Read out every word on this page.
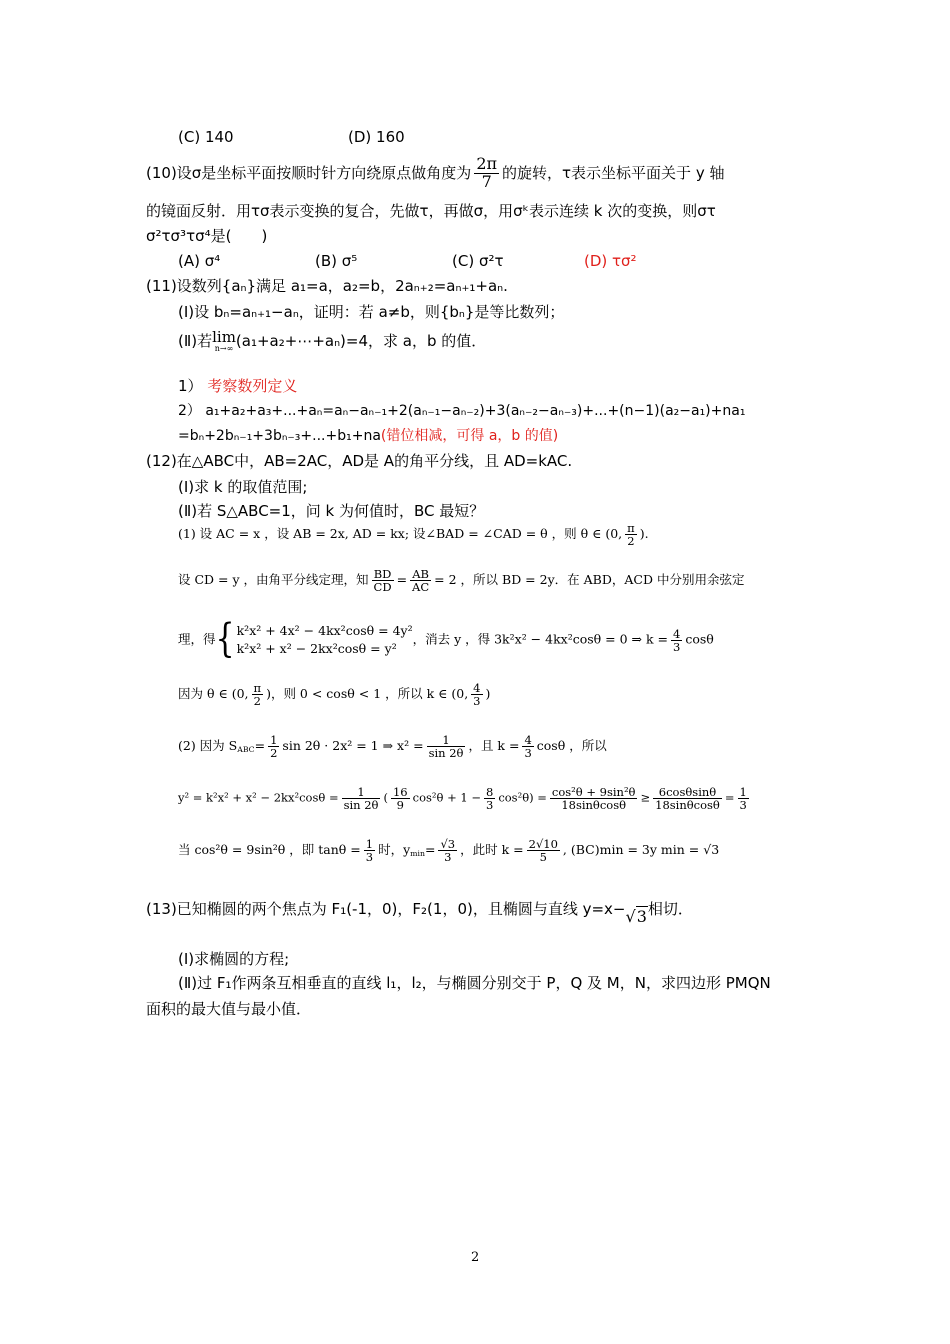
(C) 140	(D) 160
(10)设σ是坐标平面按顺时针方向绕原点做角度为 $\frac{2\pi}{7}$ 的旋转，τ表示坐标平面关于 y 轴
的镜面反射．用τσ表示变换的复合，先做τ，再做σ，用σᵏ表示连续 k 次的变换，则στ
σ²τσ³τσ⁴是(　　)
(A) σ⁴	(B) σ⁵	(C) σ²τ	(D) τσ²
(11)设数列{aₙ}满足 a₁=a，a₂=b，2aₙ₊₂=aₙ₊₁+aₙ.
(Ⅰ)设 bₙ=aₙ₊₁−aₙ，证明：若 a≠b，则{bₙ}是等比数列；
(Ⅱ)若 lim
n→∞ (a₁+a₂+⋯+aₙ)=4，求 a，b 的值．
1） 考察数列定义
2） a₁+a₂+a₃+...+aₙ=aₙ−aₙ₋₁+2(aₙ₋₁−aₙ₋₂)+3(aₙ₋₂−aₙ₋₃)+...+(n−1)(a₂−a₁)+na₁
=bₙ+2bₙ₋₁+3bₙ₋₃+...+b₁+na(错位相减，可得 a，b 的值)
(12)在△ABC中，AB=2AC，AD是 A的角平分线，且 AD=kAC.
(Ⅰ)求 k 的取值范围;
(Ⅱ)若 S△ABC=1，问 k 为何值时，BC 最短？
(1) 设 AC = x ，设 AB = 2x, AD = kx; 设∠BAD = ∠CAD = θ ，则 θ ∈ (0, $\frac{\pi}{2}$ ).
设 CD = y ，由角平分线定理，知 $\frac{BD}{CD} = \frac{AB}{AC} = 2$ ，所以 BD = 2y．在 ABD，ACD 中分别用余弦定
理，得{ k²x² + 4x² − 4kx²cosθ = 4y²
k²x² + x² − 2kx²cosθ = y²
，消去 y ，得 3k²x² − 4kx²cosθ = 0 ⇒ $k = \frac{4}{3}$ cosθ
因为 θ ∈ (0, $\frac{\pi}{2}$ )，则 0 < cosθ < 1 ，所以 k ∈ (0, $\frac{4}{3}$ )
(2) 因为 $S_{ABC}= \frac{1}{2}$ sin 2θ · 2x² = 1 ⇒ $x^2 = \frac{1}{\sin 2\theta}$ ，且 $k = \frac{4}{3}$ cosθ ，所以
$y^2 = k^2x^2 + x^2 - 2kx^2\cos\theta = \frac{1}{\sin 2\theta}$ ( $\frac{16}{9} \cos^2\theta + 1 - \frac{8}{3} \cos^2\theta) = \frac{\text{cos²θ + 9sin²θ}}{18\sin\theta\cos\theta} \ge \frac{6\cos\theta\sin\theta}{18\sin\theta\cos\theta} = \frac{1}{3}$
当 cos²θ = 9sin²θ ，即 $\tan\theta = \frac{1}{3}$ 时，$y_{min}= \frac{√3}{3}$ ，此时 $k = \frac{2√10}{5}$ , (BC)min = 3y min = √3
(13)已知椭圆的两个焦点为 F₁(-1，0)，F₂(1，0)，且椭圆与直线 y=x−√3相切．
(Ⅰ)求椭圆的方程;
(Ⅱ)过 F₁作两条互相垂直的直线 l₁，l₂，与椭圆分别交于 P，Q 及 M，N，求四边形 PMQN
面积的最大值与最小值．
2
